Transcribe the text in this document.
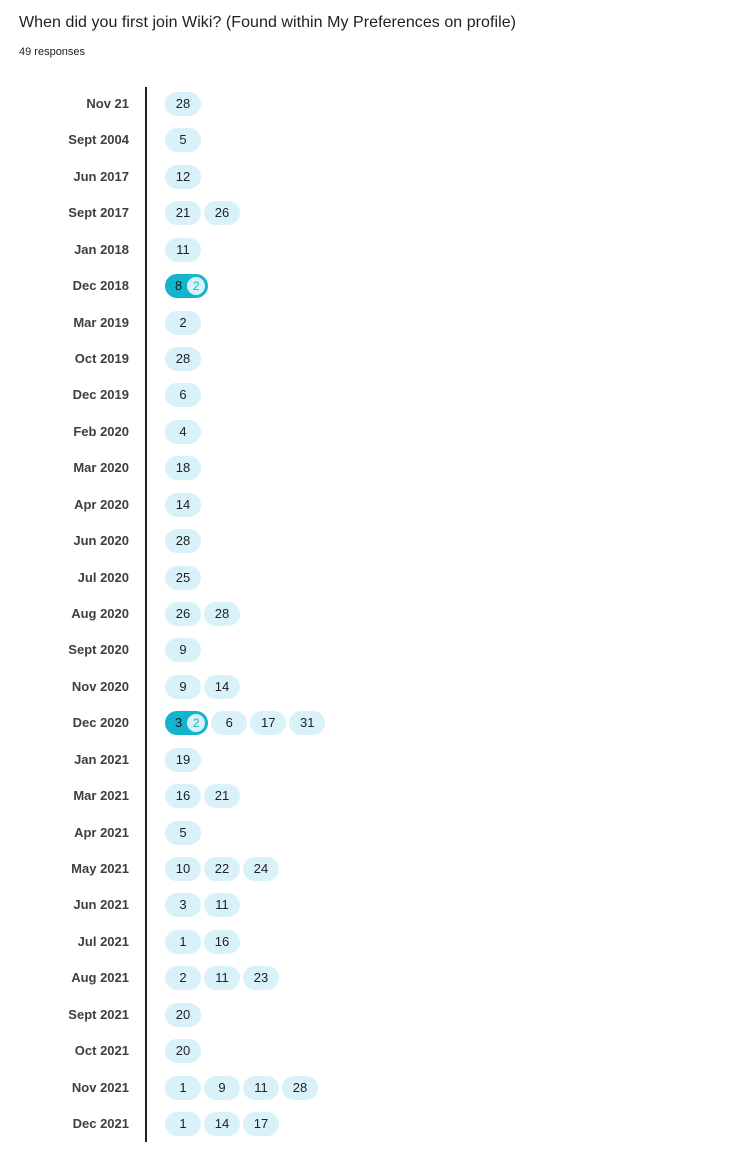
When did you first join Wiki? (Found within My Preferences on profile)
49 responses
Nov 21	28
Sept 2004	5
Jun 2017	12
Sept 2017	21	26
Jan 2018	11
Dec 2018	8 2
Mar 2019	2
Oct 2019	28
Dec 2019	6
Feb 2020	4
Mar 2020	18
Apr 2020	14
Jun 2020	28
Jul 2020	25
Aug 2020	26	28
Sept 2020	9
Nov 2020	9	14
Dec 2020	3 2	6	17	31
Jan 2021	19
Mar 2021	16	21
Apr 2021	5
May 2021	10	22	24
Jun 2021	3	11
Jul 2021	1	16
Aug 2021	2	11	23
Sept 2021	20
Oct 2021	20
Nov 2021	1	9	11	28
Dec 2021	1	14	17
